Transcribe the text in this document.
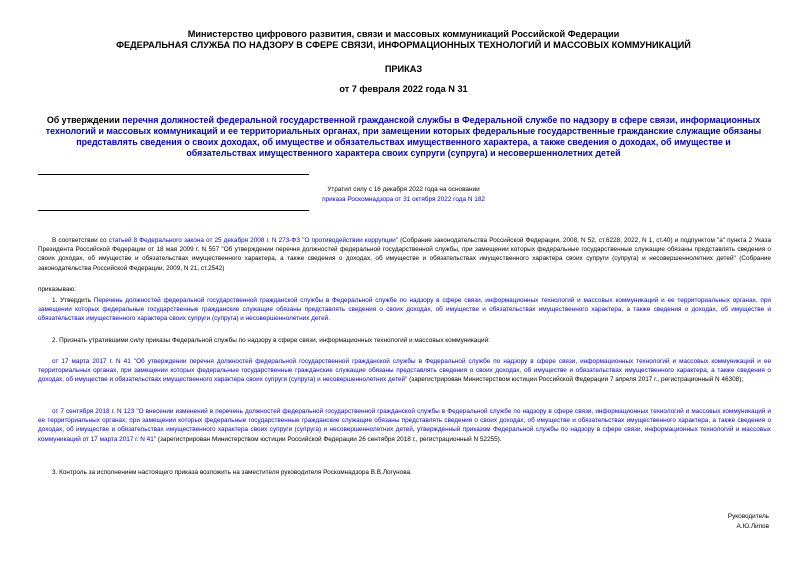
Министерство цифрового развития, связи и массовых коммуникаций Российской Федерации
ФЕДЕРАЛЬНАЯ СЛУЖБА ПО НАДЗОРУ В СФЕРЕ СВЯЗИ, ИНФОРМАЦИОННЫХ ТЕХНОЛОГИЙ И МАССОВЫХ КОММУНИКАЦИЙ
ПРИКАЗ
от 7 февраля 2022 года N 31
Об утверждении перечня должностей федеральной государственной гражданской службы в Федеральной службе по надзору в сфере связи, информационных технологий и массовых коммуникаций и ее территориальных органах, при замещении которых федеральные государственные гражданские служащие обязаны представлять сведения о своих доходах, об имуществе и обязательствах имущественного характера, а также сведения о доходах, об имуществе и обязательствах имущественного характера своих супруги (супруга) и несовершеннолетних детей
Утратил силу с 16 декабря 2022 года на основании
приказа Роскомнадзора от 31 октября 2022 года N 182
В соответствии со статьей 8 Федерального закона от 25 декабря 2008 г. N 273-ФЗ "О противодействии коррупции" (Собрание законодательства Российской Федерации, 2008, N 52, ст.6228; 2022, N 1, ст.40) и подпунктом "а" пункта 2 Указа Президента Российской Федерации от 18 мая 2009 г. N 557 "Об утверждении перечня должностей федеральной государственной службы, при замещении которых федеральные государственные служащие обязаны представлять сведения о своих доходах, об имуществе и обязательствах имущественного характера, а также сведения о доходах, об имуществе и обязательствах имущественного характера своих супруги (супруга) и несовершеннолетних детей" (Собрание законодательства Российской Федерации, 2009, N 21, ст.2542)
приказываю:
1. Утвердить Перечень должностей федеральной государственной гражданской службы в Федеральной службе по надзору в сфере связи, информационных технологий и массовых коммуникаций и ее территориальных органах, при замещении которых федеральные государственные гражданские служащие обязаны представлять сведения о своих доходах, об имуществе и обязательствах имущественного характера, а также сведения о доходах, об имуществе и обязательствах имущественного характера своих супруги (супруга) и несовершеннолетних детей.
2. Признать утратившими силу приказы Федеральной службы по надзору в сфере связи, информационных технологий и массовых коммуникаций:
от 17 марта 2017 г. N 41 "Об утверждении перечня должностей федеральной государственной гражданской службы в Федеральной службе по надзору в сфере связи, информационных технологий и массовых коммуникаций и ее территориальных органах, при замещении которых федеральные государственные гражданские служащие обязаны представлять сведения о своих доходах, об имуществе и обязательствах имущественного характера, а также сведения о доходах, об имуществе и обязательствах имущественного характера своих супруги (супруга) и несовершеннолетних детей" (зарегистрирован Министерством юстиции Российской Федерации 7 апреля 2017 г., регистрационный N 46308);
от 7 сентября 2018 г. N 123 "О внесении изменений в перечень должностей федеральной государственной гражданской службы в Федеральной службе по надзору в сфере связи, информационных технологий и массовых коммуникаций и ее территориальных органах, при замещении которых федеральные государственные гражданские служащие обязаны представлять сведения о своих доходах, об имуществе и обязательствах имущественного характера, а также сведения о доходах, об имуществе и обязательствах имущественного характера своих супруги (супруга) и несовершеннолетних детей, утвержденный приказом Федеральной службы по надзору в сфере связи, информационных технологий и массовых коммуникаций от 17 марта 2017 г. N 41" (зарегистрирован Министерством юстиции Российской Федерации 26 сентября 2018 г., регистрационный N 52255).
3. Контроль за исполнением настоящего приказа возложить на заместителя руководителя Роскомнадзора В.В.Логунова.
Руководитель
А.Ю.Липов
